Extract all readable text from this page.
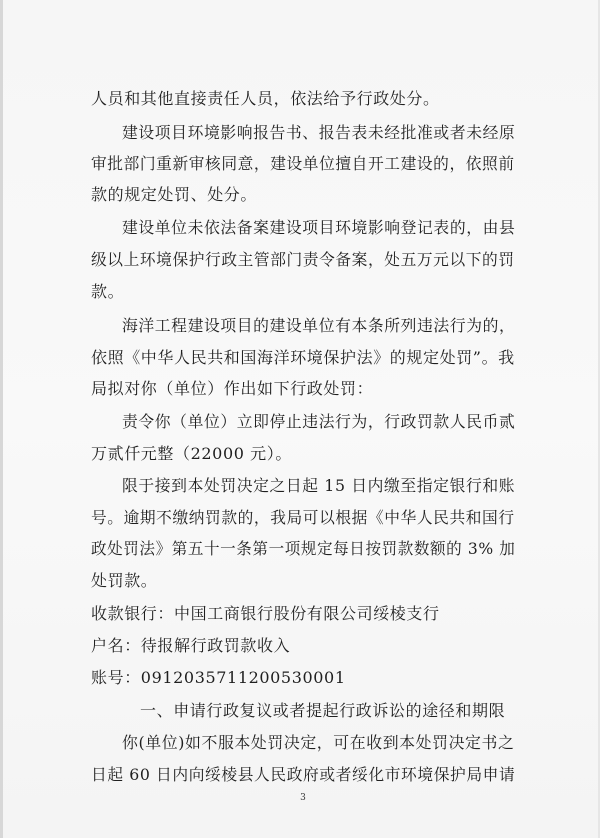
人员和其他直接责任人员，依法给予行政处分。
建设项目环境影响报告书、报告表未经批准或者未经原
审批部门重新审核同意，建设单位擅自开工建设的，依照前
款的规定处罚、处分。
建设单位未依法备案建设项目环境影响登记表的，由县
级以上环境保护行政主管部门责令备案，处五万元以下的罚
款。
海洋工程建设项目的建设单位有本条所列违法行为的，
依照《中华人民共和国海洋环境保护法》的规定处罚”。我
局拟对你（单位）作出如下行政处罚：
责令你（单位）立即停止违法行为，行政罚款人民币贰
万贰仟元整（22000 元）。
限于接到本处罚决定之日起 15 日内缴至指定银行和账
号。逾期不缴纳罚款的，我局可以根据《中华人民共和国行
政处罚法》第五十一条第一项规定每日按罚款数额的 3% 加
处罚款。
收款银行：中国工商银行股份有限公司绥棱支行
户名：待报解行政罚款收入
账号：0912035711200530001
一、申请行政复议或者提起行政诉讼的途径和期限
你(单位)如不服本处罚决定，可在收到本处罚决定书之
日起 60 日内向绥棱县人民政府或者绥化市环境保护局申请
3
